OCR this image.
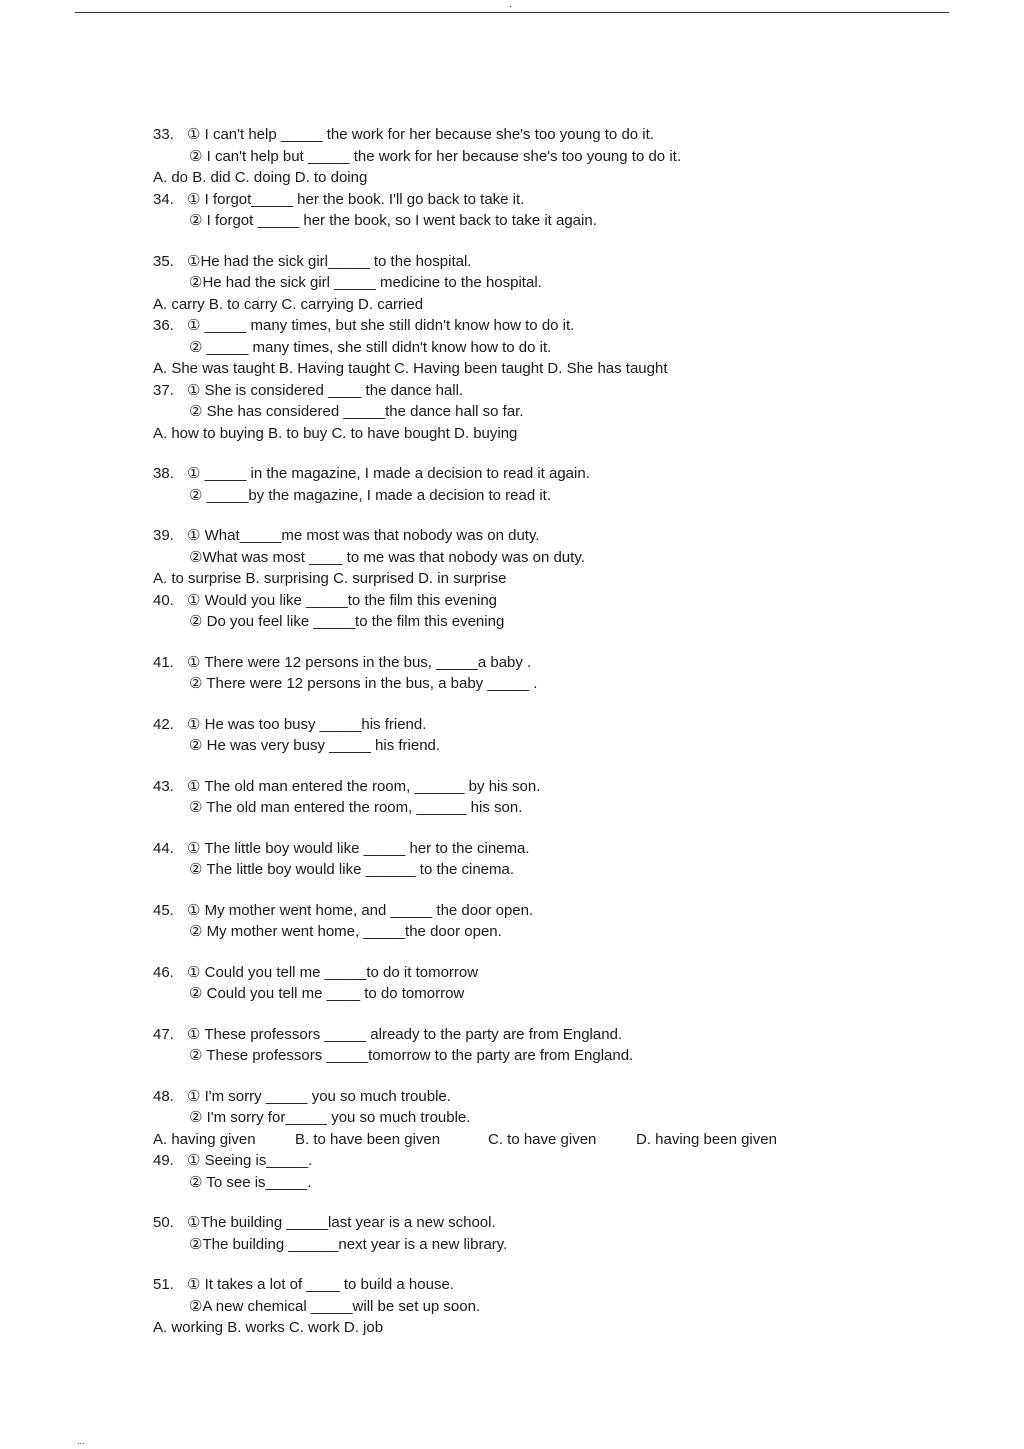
.
33. ① I can't help _____ the work for her because she's too young to do it.
② I can't help but _____ the work for her because she's too young to do it.
A. do B. did C. doing D. to doing
34. ① I forgot_____ her the book. I'll go back to take it.
② I forgot _____ her the book, so I went back to take it again.
35. ①He had the sick girl_____ to the hospital.
②He had the sick girl _____ medicine to the hospital.
A. carry B. to carry C. carrying D. carried
36. ① _____ many times, but she still didn't know how to do it.
② _____ many times, she still didn't know how to do it.
A. She was taught B. Having taught C. Having been taught D. She has taught
37. ① She is considered ____ the dance hall.
② She has considered _____the dance hall so far.
A. how to buying B. to buy C. to have bought D. buying
38. ① _____ in the magazine, I made a decision to read it again.
② _____by the magazine, I made a decision to read it.
39. ① What_____me most was that nobody was on duty.
②What was most ____ to me was that nobody was on duty.
A. to surprise B. surprising C. surprised D. in surprise
40. ① Would you like _____to the film this evening
② Do you feel like _____to the film this evening
41. ① There were 12 persons in the bus, _____a baby .
② There were 12 persons in the bus, a baby _____ .
42. ① He was too busy _____his friend.
② He was very busy _____ his friend.
43. ① The old man entered the room, ______ by his son.
② The old man entered the room, ______ his son.
44. ① The little boy would like _____ her to the cinema.
② The little boy would like ______ to the cinema.
45. ① My mother went home, and _____ the door open.
② My mother went home, _____the door open.
46. ① Could you tell me _____to do it tomorrow
② Could you tell me ____ to do tomorrow
47. ① These professors _____ already to the party are from England.
② These professors _____tomorrow to the party are from England.
48. ① I'm sorry _____ you so much trouble.
② I'm sorry for_____ you so much trouble.
A. having given	B. to have been given	C. to have given	D. having been given
49. ① Seeing is_____.
② To see is_____.
50. ①The building _____last year is a new school.
②The building ______next year is a new library.
51. ① It takes a lot of ____ to build a house.
②A new chemical _____will be set up soon.
A. working B. works C. work D. job
...
